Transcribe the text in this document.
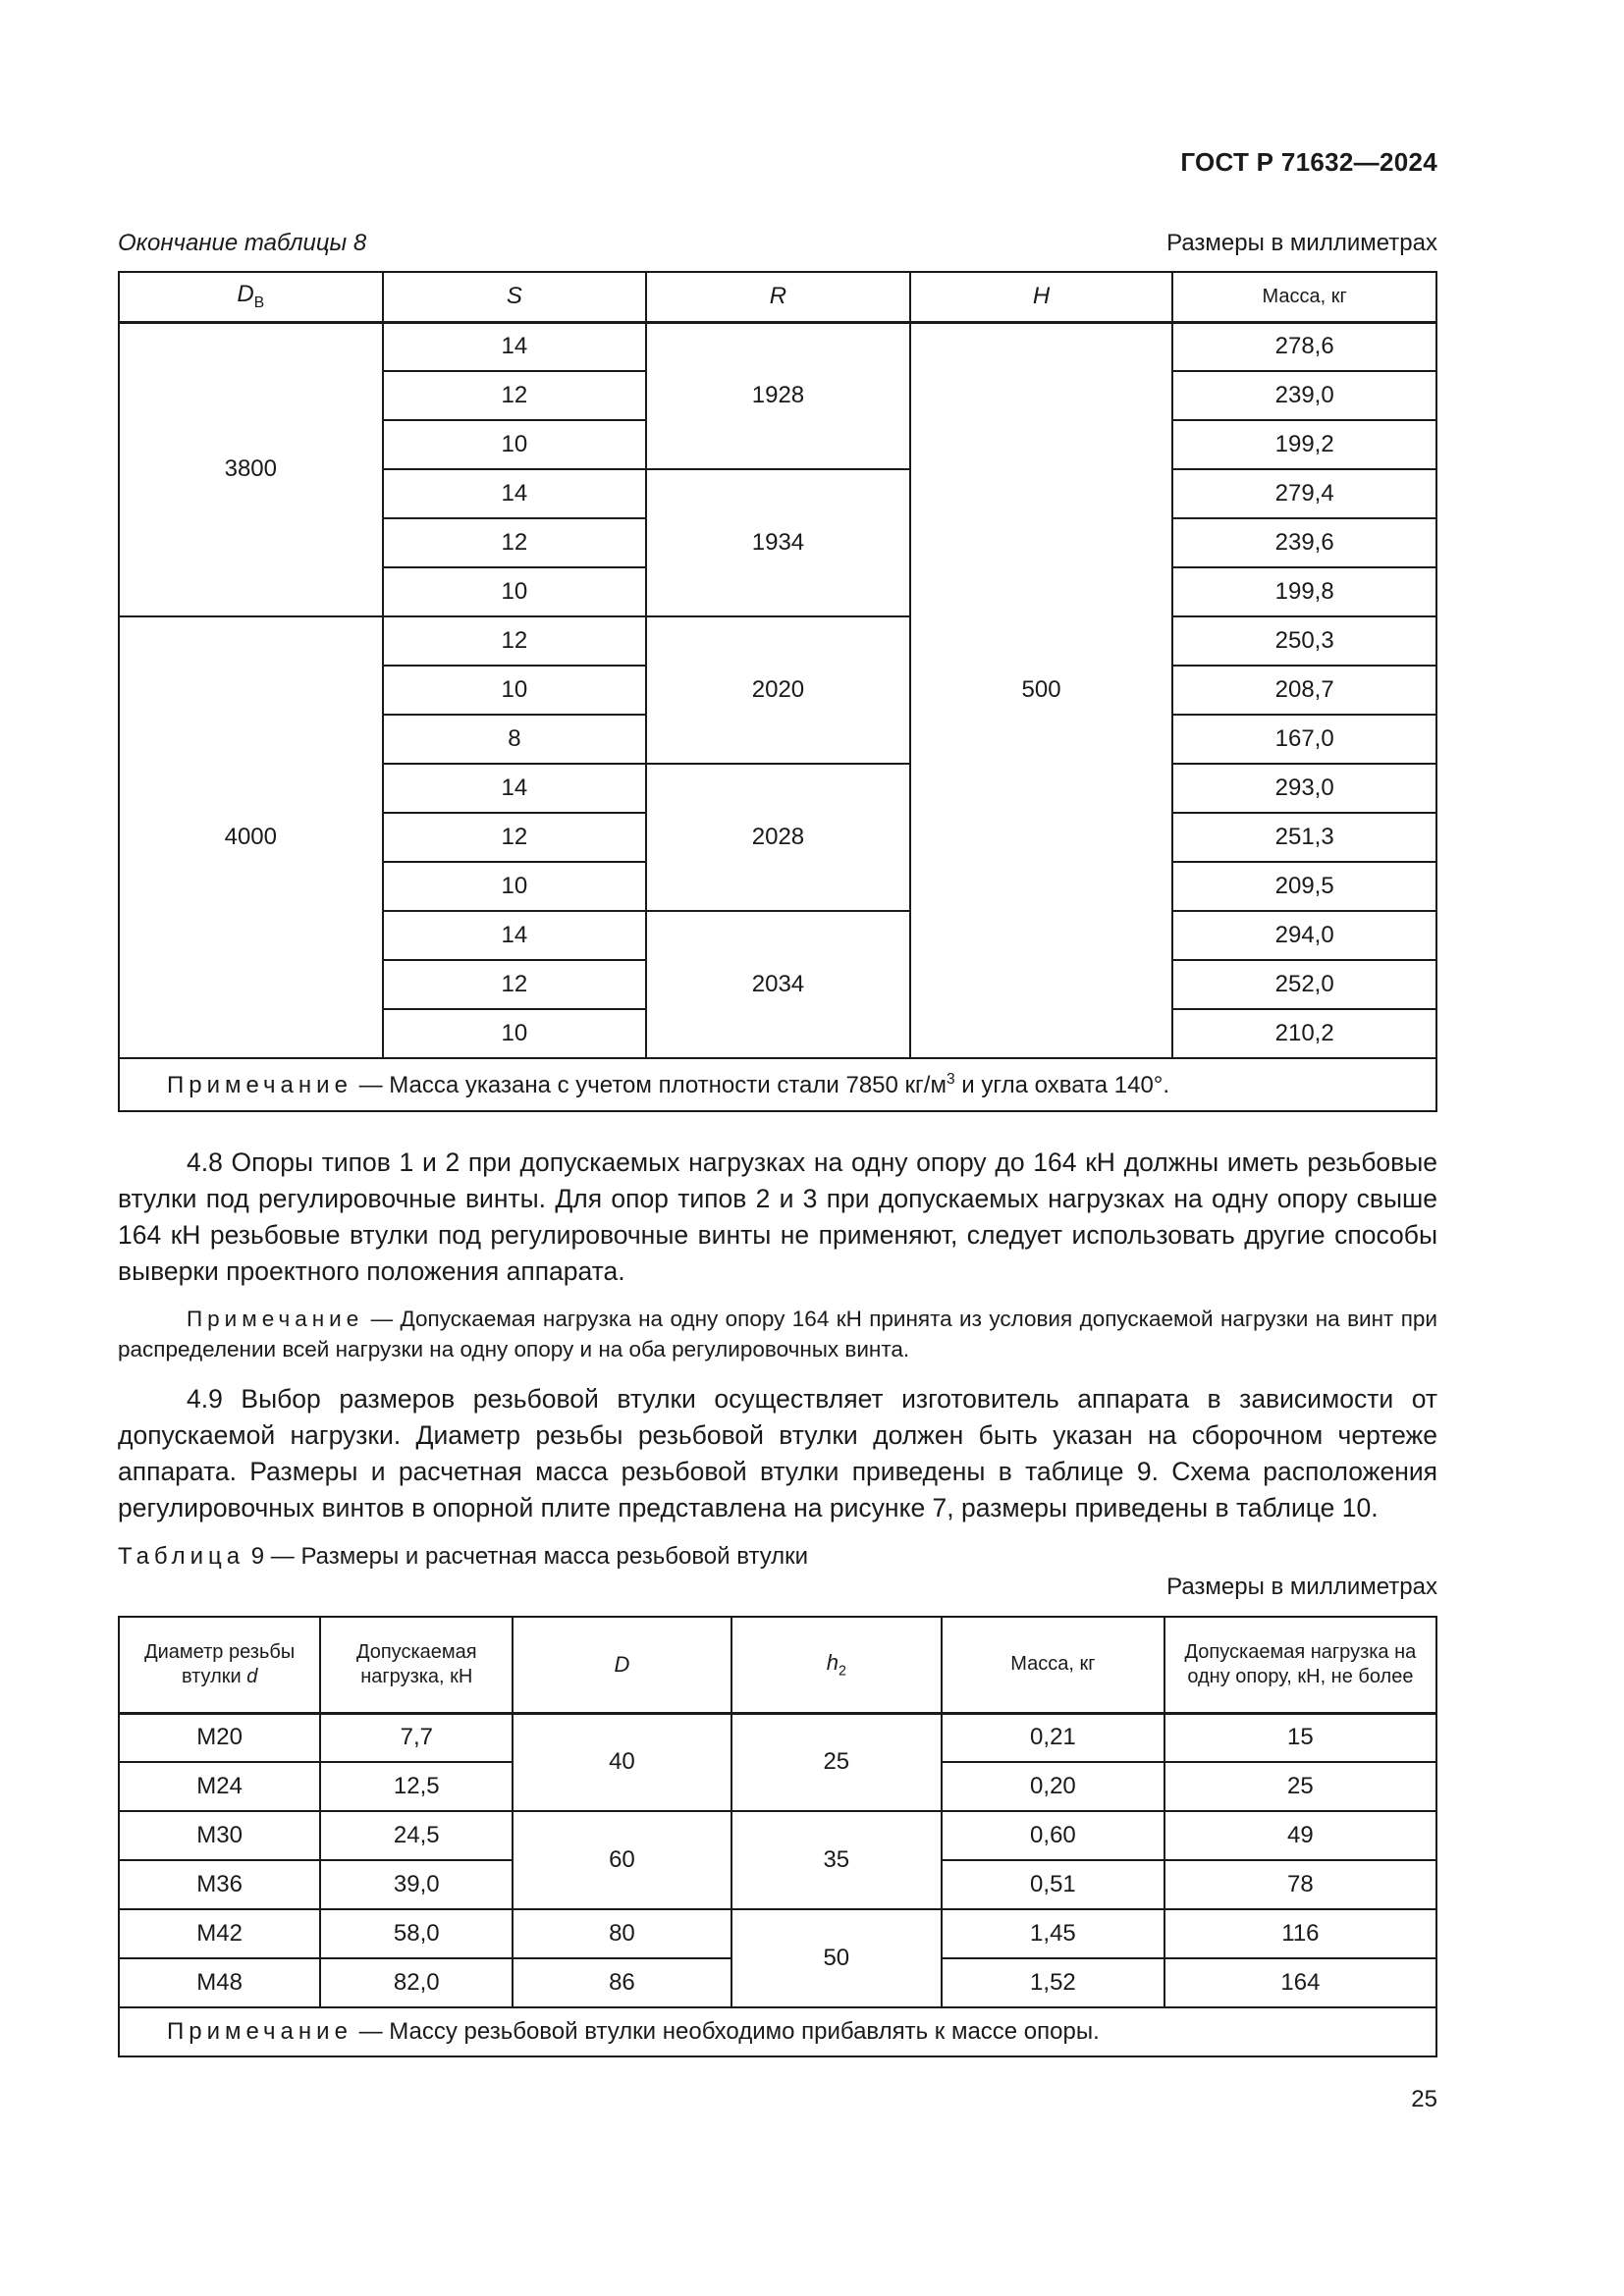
ГОСТ Р 71632—2024
Окончание таблицы 8	Размеры в миллиметрах
$D_В$	S	R	H	Масса, кг
3800	14	1928	500	278,6
	12			239,0
	10			199,2
	14	1934		279,4
	12			239,6
	10			199,8
4000	12	2020		250,3
	10			208,7
	8			167,0
	14	2028		293,0
	12			251,3
	10			209,5
	14	2034		294,0
	12			252,0
	10			210,2
Примечание — Масса указана с учетом плотности стали 7850 $кг/м^3$ и угла охвата 140°.				
4.8 Опоры типов 1 и 2 при допускаемых нагрузках на одну опору до 164 кН должны иметь резьбовые втулки под регулировочные винты. Для опор типов 2 и 3 при допускаемых нагрузках на одну опору свыше 164 кН резьбовые втулки под регулировочные винты не применяют, следует использовать другие способы выверки проектного положения аппарата.
Примечание — Допускаемая нагрузка на одну опору 164 кН принята из условия допускаемой нагрузки на винт при распределении всей нагрузки на одну опору и на оба регулировочных винта.
4.9 Выбор размеров резьбовой втулки осуществляет изготовитель аппарата в зависимости от допускаемой нагрузки. Диаметр резьбы резьбовой втулки должен быть указан на сборочном чертеже аппарата. Размеры и расчетная масса резьбовой втулки приведены в таблице 9. Схема расположения регулировочных винтов в опорной плите представлена на рисунке 7, размеры приведены в таблице 10.
Таблица 9 — Размеры и расчетная масса резьбовой втулки
Размеры в миллиметрах
Диаметр резьбы втулки d	Допускаемая нагрузка, кН	D	$h_2$	Масса, кг	Допускаемая нагрузка на одну опору, кН, не более
М20	7,7	40	25	0,21	15
М24	12,5			0,20	25
М30	24,5	60	35	0,60	49
М36	39,0			0,51	78
М42	58,0	80	50	1,45	116
М48	82,0	86		1,52	164
Примечание — Массу резьбовой втулки необходимо прибавлять к массе опоры.					
25
